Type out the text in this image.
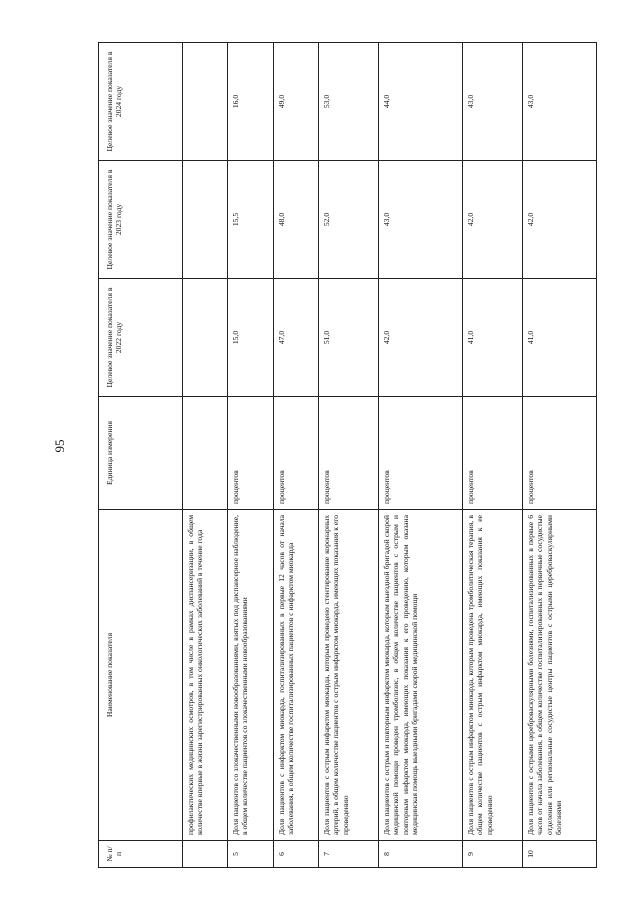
95
№ п/п	Наименование показателя	Единица измерения	Целевое значение показателя в 2022 году	Целевое значение показателя в 2023 году	Целевое значение показателя в 2024 году
	профилактических медицинских осмотров, в том числе в рамках диспансеризации, в общем количестве впервые в жизни зарегистрированных онкологических заболеваний в течение года				
5	Доля пациентов со злокачественными новообразованиями, взятых под диспансерное наблюдение, в общем количестве пациентов со злокачественными новообразованиями	процентов	15,0	15,5	16,0
6	Доля пациентов с инфарктом миокарда, госпитализированных в первые 12 часов от начала заболевания, в общем количестве госпитализированных пациентов с инфарктом миокарда	процентов	47,0	48,0	49,0
7	Доля пациентов с острым инфарктом миокарда, которым проведено стентирование коронарных артерий, в общем количестве пациентов с острым инфарктом миокарда, имеющих показания к его проведению	процентов	51,0	52,0	53,0
8	Доля пациентов с острым и повторным инфарктом миокарда, которым выездной бригадой скорой медицинской помощи проведен тромболизис, в общем количестве пациентов с острым и повторным инфарктом миокарда, имеющих показания к его проведению, которым оказана медицинская помощь выездными бригадами скорой медицинской помощи	процентов	42,0	43,0	44,0
9	Доля пациентов с острым инфарктом миокарда, которым проведена тромболитическая терапия, в общем количестве пациентов с острым инфарктом миокарда, имеющих показания к ее проведению	процентов	41,0	42,0	43,0
10	Доля пациентов с острыми цереброваскулярными болезнями, госпитализированных в первые 6 часов от начала заболевания, в общем количестве госпитализированных в первичные сосудистые отделения или региональные сосудистые центры пациентов с острыми цереброваскулярными болезнями	процентов	41,0	42,0	43,0
